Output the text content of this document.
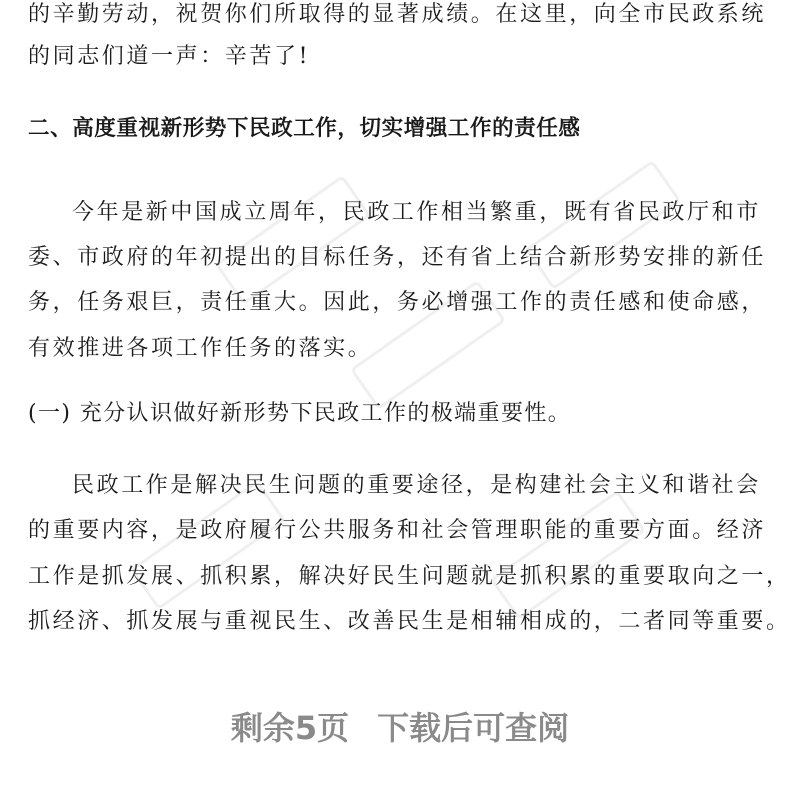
的辛勤劳动，祝贺你们所取得的显著成绩。在这里，向全市民政系统
的同志们道一声：辛苦了!
二、高度重视新形势下民政工作，切实增强工作的责任感
今年是新中国成立周年，民政工作相当繁重，既有省民政厅和市
委、市政府的年初提出的目标任务，还有省上结合新形势安排的新任
务，任务艰巨，责任重大。因此，务必增强工作的责任感和使命感，
有效推进各项工作任务的落实。
(一) 充分认识做好新形势下民政工作的极端重要性。
民政工作是解决民生问题的重要途径，是构建社会主义和谐社会
的重要内容，是政府履行公共服务和社会管理职能的重要方面。经济
工作是抓发展、抓积累，解决好民生问题就是抓积累的重要取向之一，
抓经济、抓发展与重视民生、改善民生是相辅相成的，二者同等重要。
剩余5页 下载后可查阅
